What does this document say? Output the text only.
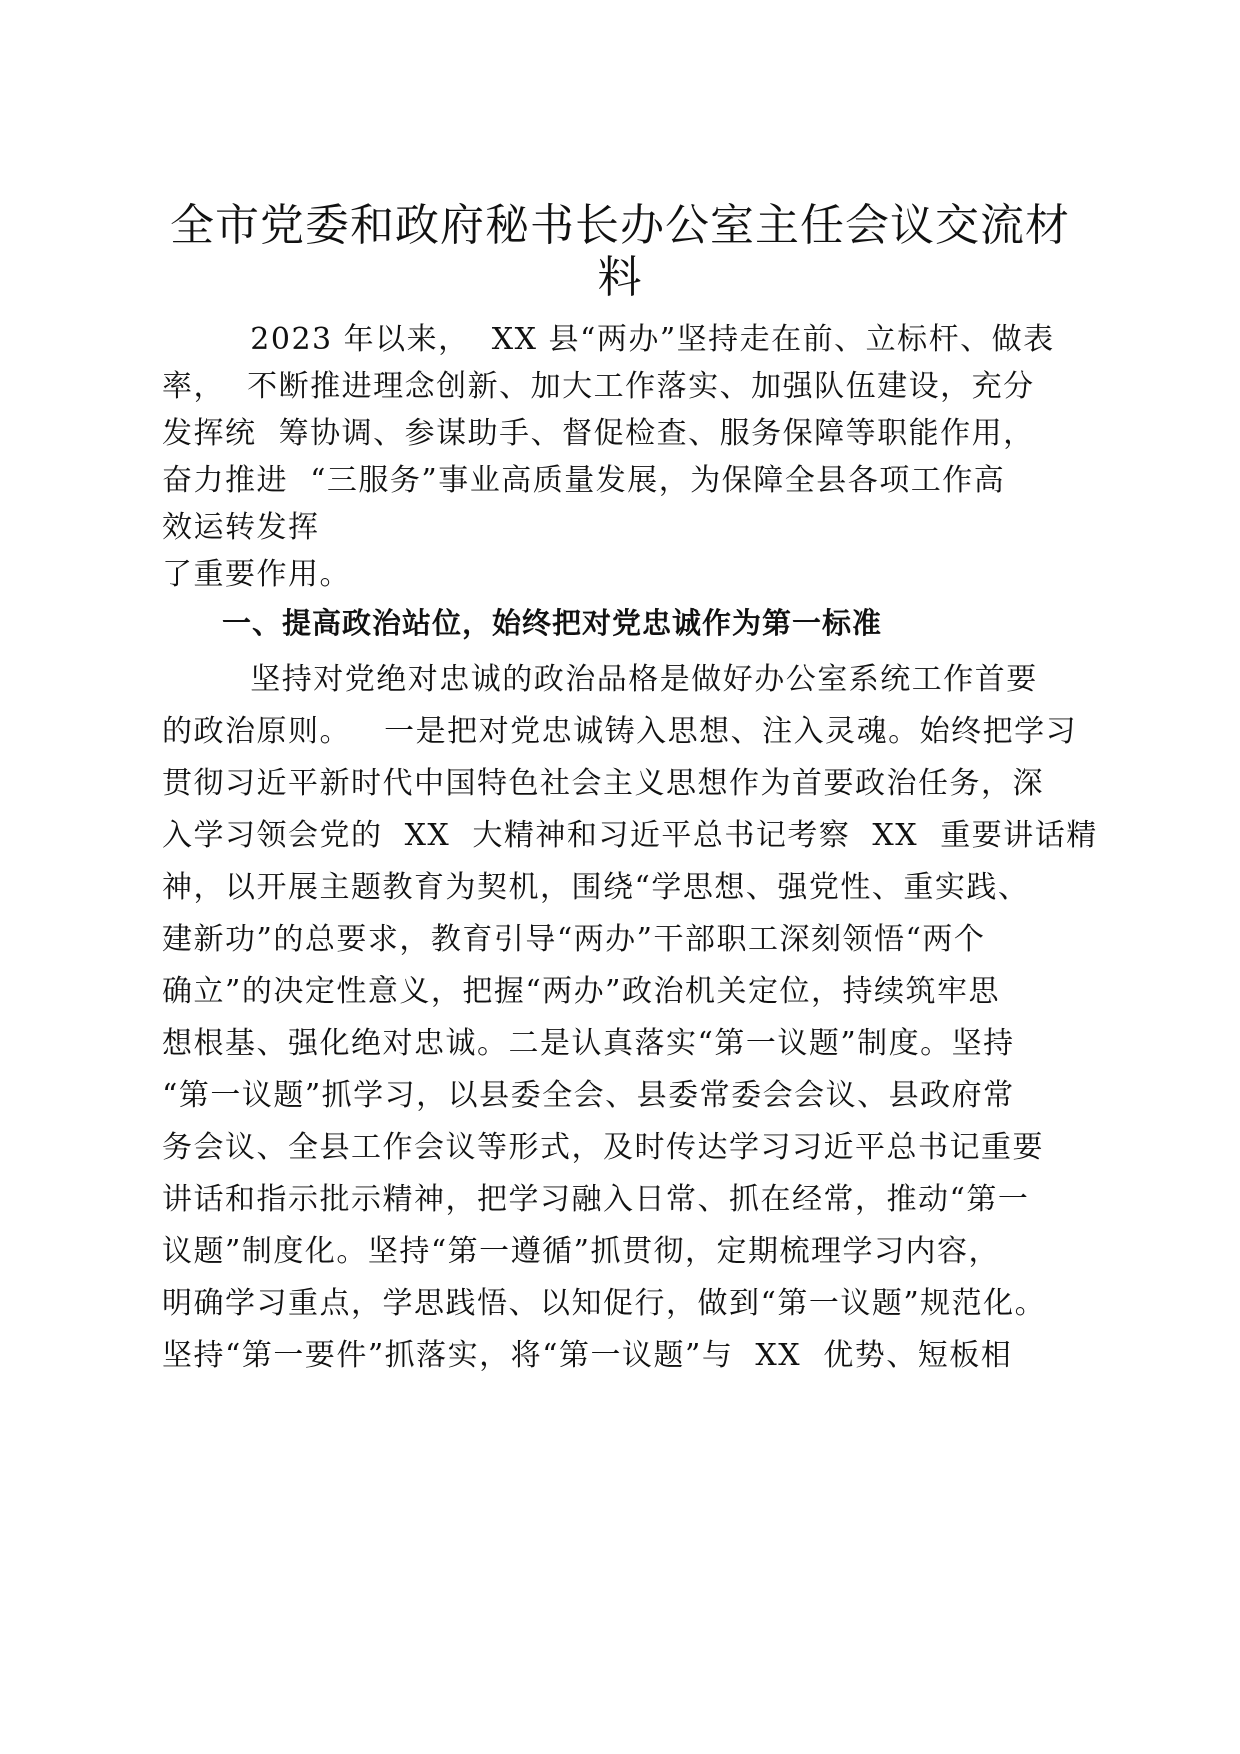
全市党委和政府秘书长办公室主任会议交流材料

2023 年以来，  XX 县“两办”坚持走在前、立标杆、做表

率，  不断推进理念创新、加大工作落实、加强队伍建设，充分

发挥统  筹协调、参谋助手、督促检查、服务保障等职能作用，

奋力推进  “三服务”事业高质量发展，为保障全县各项工作高

效运转发挥

了重要作用。

一、提高政治站位，始终把对党忠诚作为第一标准

坚持对党绝对忠诚的政治品格是做好办公室系统工作首要

的政治原则。   一是把对党忠诚铸入思想、注入灵魂。始终把学习

贯彻习近平新时代中国特色社会主义思想作为首要政治任务，深

入学习领会党的  XX  大精神和习近平总书记考察  XX  重要讲话精

神，以开展主题教育为契机，围绕“学思想、强党性、重实践、

建新功”的总要求，教育引导“两办”干部职工深刻领悟“两个

确立”的决定性意义，把握“两办”政治机关定位，持续筑牢思

想根基、强化绝对忠诚。二是认真落实“第一议题”制度。坚持

“第一议题”抓学习，以县委全会、县委常委会会议、县政府常

务会议、全县工作会议等形式，及时传达学习习近平总书记重要

讲话和指示批示精神，把学习融入日常、抓在经常，推动“第一

议题”制度化。坚持“第一遵循”抓贯彻，定期梳理学习内容，

明确学习重点，学思践悟、以知促行，做到“第一议题”规范化。

坚持“第一要件”抓落实，将“第一议题”与  XX  优势、短板相
